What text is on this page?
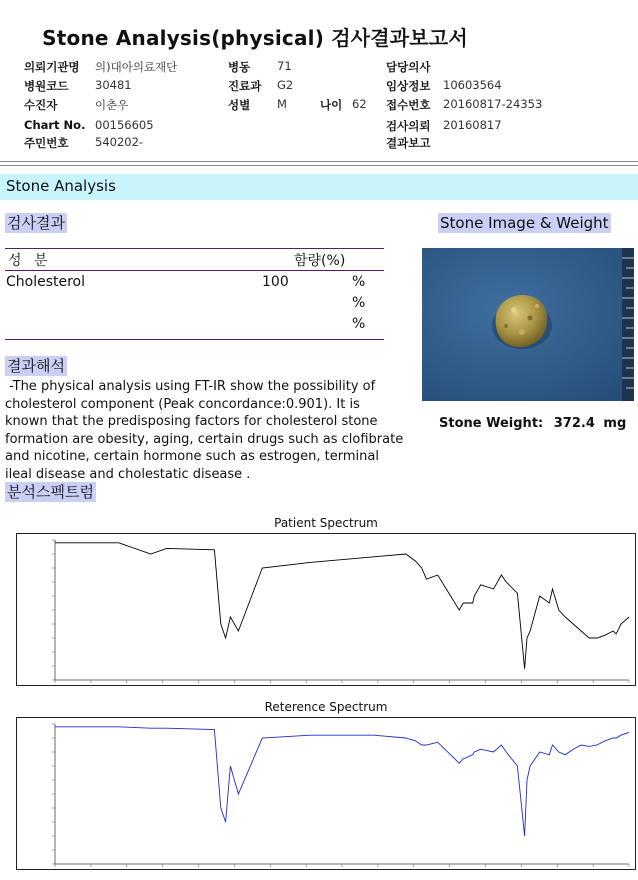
Stone Analysis(physical) 검사결과보고서
의뢰기관명 의)대아의료재단	병동 71	담당의사
병원코드 30481	진료과 G2	임상정보 10603564
수진자	이춘우	성별 M	나이 62 접수번호 20160817-24353
Chart No. 00156605	검사의뢰 20160817
주민번호 540202-	결과보고
Stone Analysis
검사결과
성 분	함량(%)
Cholesterol	100	%
%
%
Stone Image & Weight
Stone Weight: 372.4 mg
결과해석
-The physical analysis using FT-IR show the possibility of
cholesterol component (Peak concordance:0.901). It is
known that the predisposing factors for cholesterol stone
formation are obesity, aging, certain drugs such as clofibrate
and nicotine, certain hormone such as estrogen, terminal
ileal disease and cholestatic disease .
분석스펙트럼
Patient Spectrum
Reterence Spectrum
